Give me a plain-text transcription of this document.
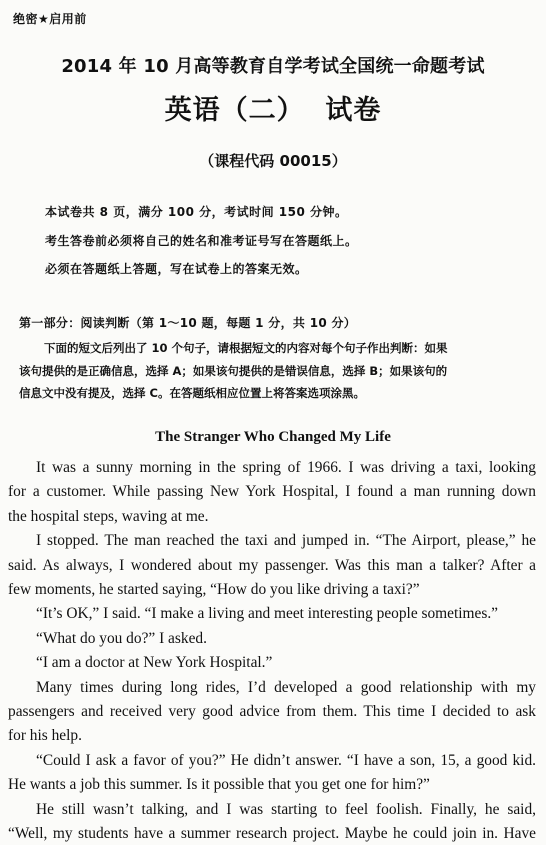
绝密★启用前
2014 年 10 月高等教育自学考试全国统一命题考试
英语（二）  试卷
（课程代码 00015）
本试卷共 8 页，满分 100 分，考试时间 150 分钟。
考生答卷前必须将自己的姓名和准考证号写在答题纸上。
必须在答题纸上答题，写在试卷上的答案无效。
第一部分：阅读判断（第 1～10 题，每题 1 分，共 10 分）
下面的短文后列出了 10 个句子，请根据短文的内容对每个句子作出判断：如果
该句提供的是正确信息，选择 A；如果该句提供的是错误信息，选择 B；如果该句的
信息文中没有提及，选择 C。在答题纸相应位置上将答案选项涂黑。
The Stranger Who Changed My Life
It was a sunny morning in the spring of 1966. I was driving a taxi, looking
for a customer. While passing New York Hospital, I found a man running down
the hospital steps, waving at me.
I stopped. The man reached the taxi and jumped in. “The Airport, please,” he
said. As always, I wondered about my passenger. Was this man a talker? After a
few moments, he started saying, “How do you like driving a taxi?”
“It’s OK,” I said. “I make a living and meet interesting people sometimes.”
“What do you do?” I asked.
“I am a doctor at New York Hospital.”
Many times during long rides, I’d developed a good relationship with my
passengers and received very good advice from them. This time I decided to ask
for his help.
“Could I ask a favor of you?” He didn’t answer. “I have a son, 15, a good kid.
He wants a job this summer. Is it possible that you get one for him?”
He still wasn’t talking, and I was starting to feel foolish. Finally, he said,
“Well, my students have a summer research project. Maybe he could join in. Have
